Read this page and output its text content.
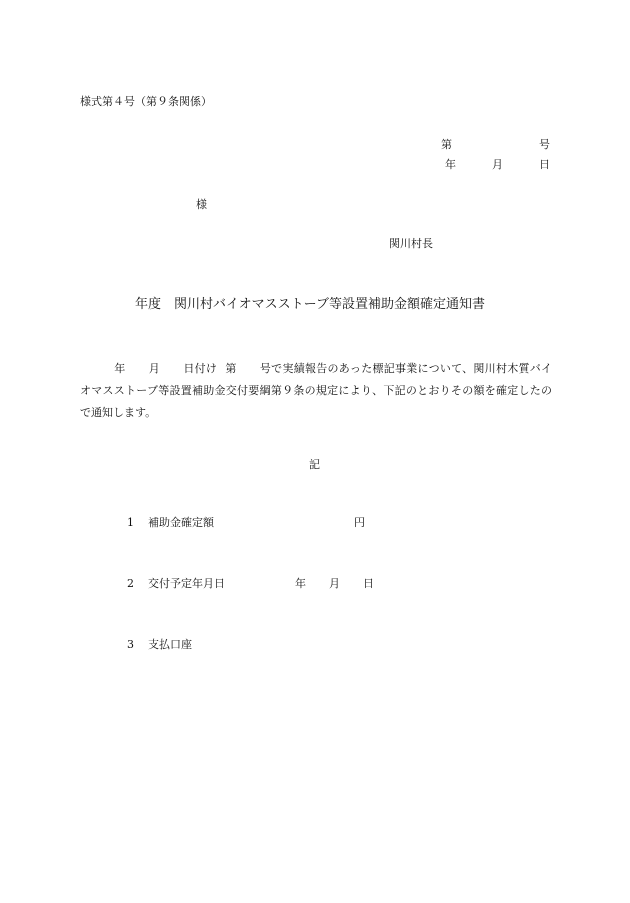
様式第４号（第９条関係）
第	号
年	月	日
様
関川村長
年度 関川村バイオマスストーブ等設置補助金額確定通知書
年 月 日付け 第 号で実績報告のあった標記事業について、関川村木質バイオマスストーブ等設置補助金交付要綱第９条の規定により、下記のとおりその額を確定したので通知します。
記
1 補助金確定額	円
2 交付予定年月日	年 月 日
3 支払口座
